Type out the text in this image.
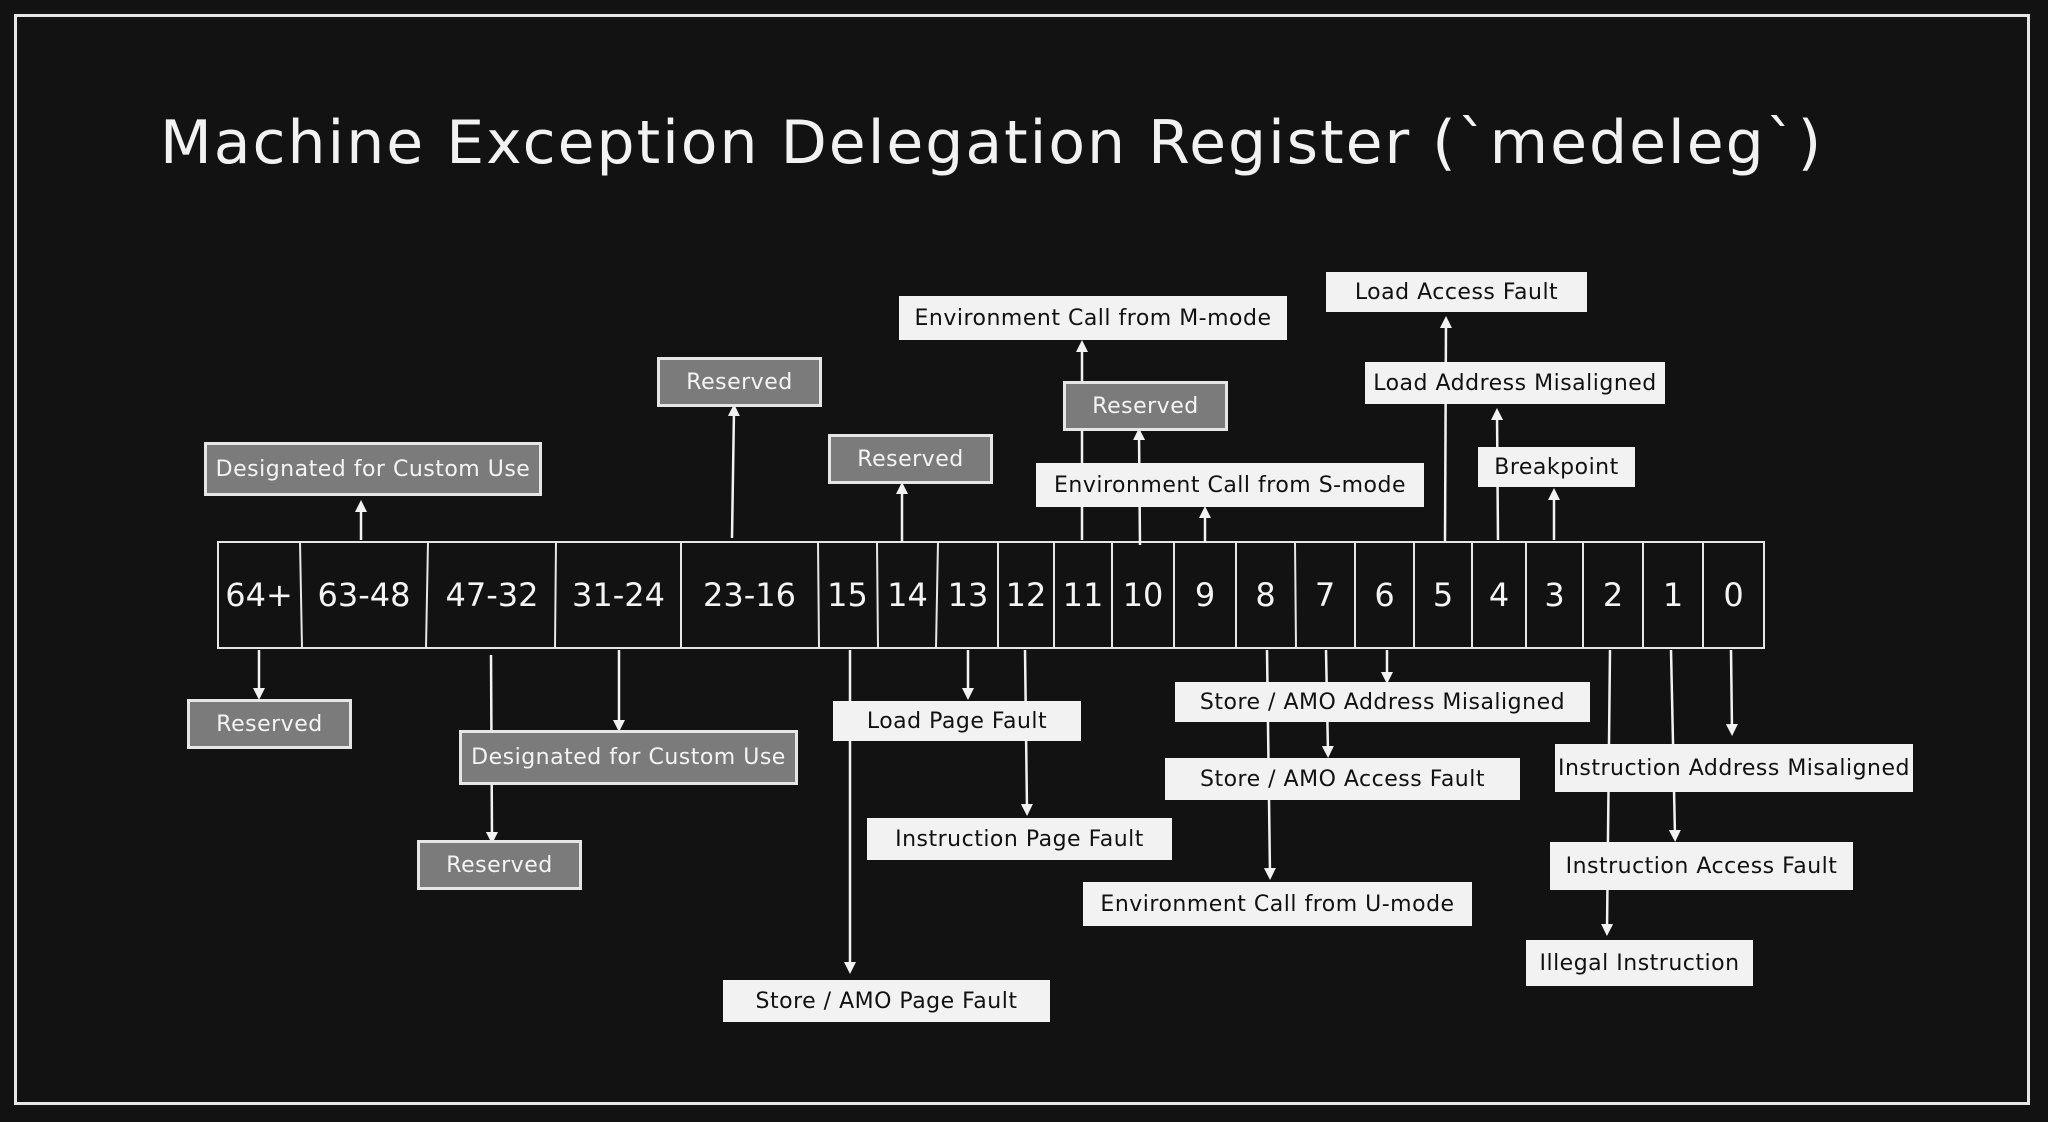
Machine Exception Delegation Register (`medeleg`)
64+ 63-48	47-32	31-24	23-16 15 14 13 12 11 10 9	8	7	6	5	4	3	2	1	0
Designated for Custom Use
Reserved
Reserved
Environment Call from M-mode
Reserved
Environment Call from S-mode
Load Access Fault
Load Address Misaligned
Breakpoint
Reserved
Designated for Custom Use
Reserved
Load Page Fault
Instruction Page Fault
Store / AMO Page Fault
Store / AMO Address Misaligned
Store / AMO Access Fault
Environment Call from U-mode
Instruction Address Misaligned
Instruction Access Fault
Illegal Instruction
